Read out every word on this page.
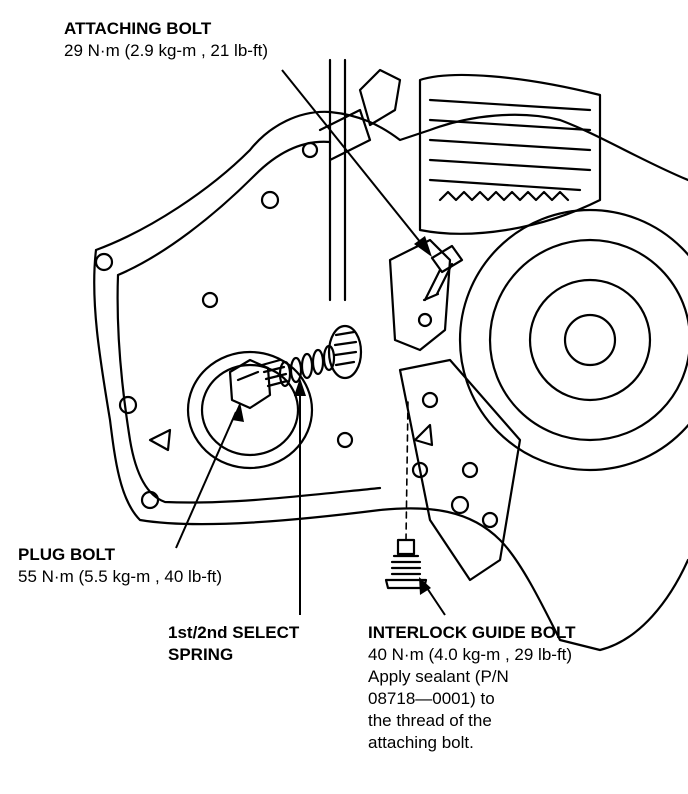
ATTACHING BOLT
29 N·m (2.9 kg-m , 21 lb-ft)
PLUG BOLT
55 N·m (5.5 kg-m , 40 lb-ft)
1st/2nd SELECT
SPRING
INTERLOCK GUIDE BOLT
40 N·m (4.0 kg-m , 29 lb-ft)
Apply sealant (P/N
08718—0001) to
the thread of the
attaching bolt.
